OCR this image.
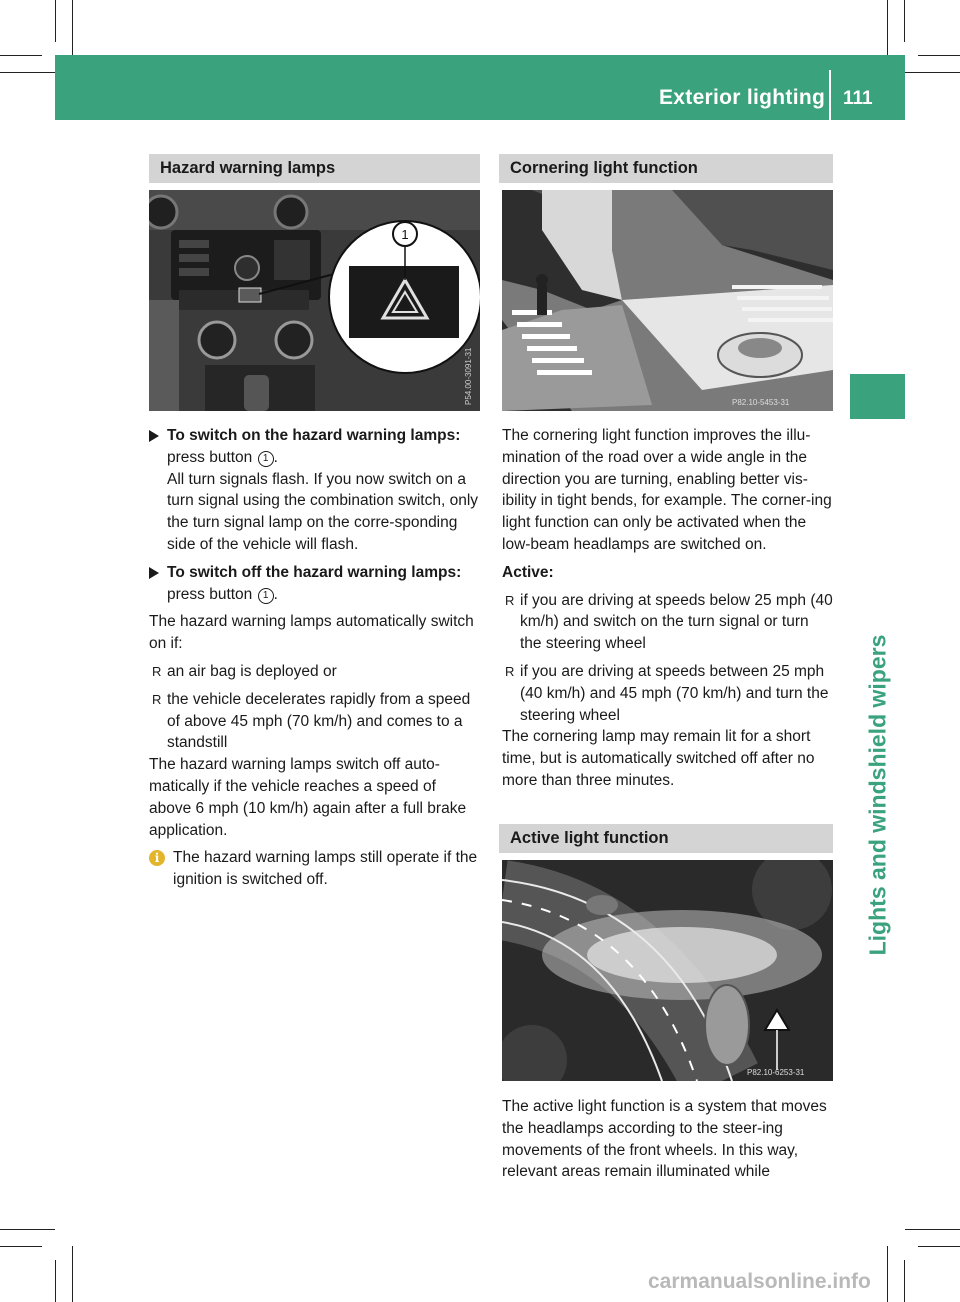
Exterior lighting 111
Lights and windshield wipers
Hazard warning lamps
1
P54.00-3091-31

To switch on the hazard warning lamps:

press button 1 .

All turn signals flash. If you now switch on a turn signal using the combination switch, only the turn signal lamp on the corre-sponding side of the vehicle will flash.

To switch off the hazard warning lamps:

press button 1 .

The hazard warning lamps automatically switch on if:

R an air bag is deployed or
R the vehicle decelerates rapidly from a speed of above 45 mph (70 km/h) and comes to a standstill

The hazard warning lamps switch off auto-matically if the vehicle reaches a speed of above 6 mph (10 km/h) again after a full brake application.

i The hazard warning lamps still operate if the ignition is switched off.
Cornering light function
P82.10-5453-31

The cornering light function improves the illu-mination of the road over a wide angle in the direction you are turning, enabling better vis-ibility in tight bends, for example. The corner-ing light function can only be activated when the low-beam headlamps are switched on.

Active:

R if you are driving at speeds below 25 mph (40 km/h) and switch on the turn signal or turn the steering wheel
R if you are driving at speeds between 25 mph (40 km/h) and 45 mph (70 km/h) and turn the steering wheel

The cornering lamp may remain lit for a short time, but is automatically switched off after no more than three minutes.

Active light function
P82.10-6253-31

The active light function is a system that moves the headlamps according to the steer-ing movements of the front wheels. In this way, relevant areas remain illuminated while

carmanualsonline.info
